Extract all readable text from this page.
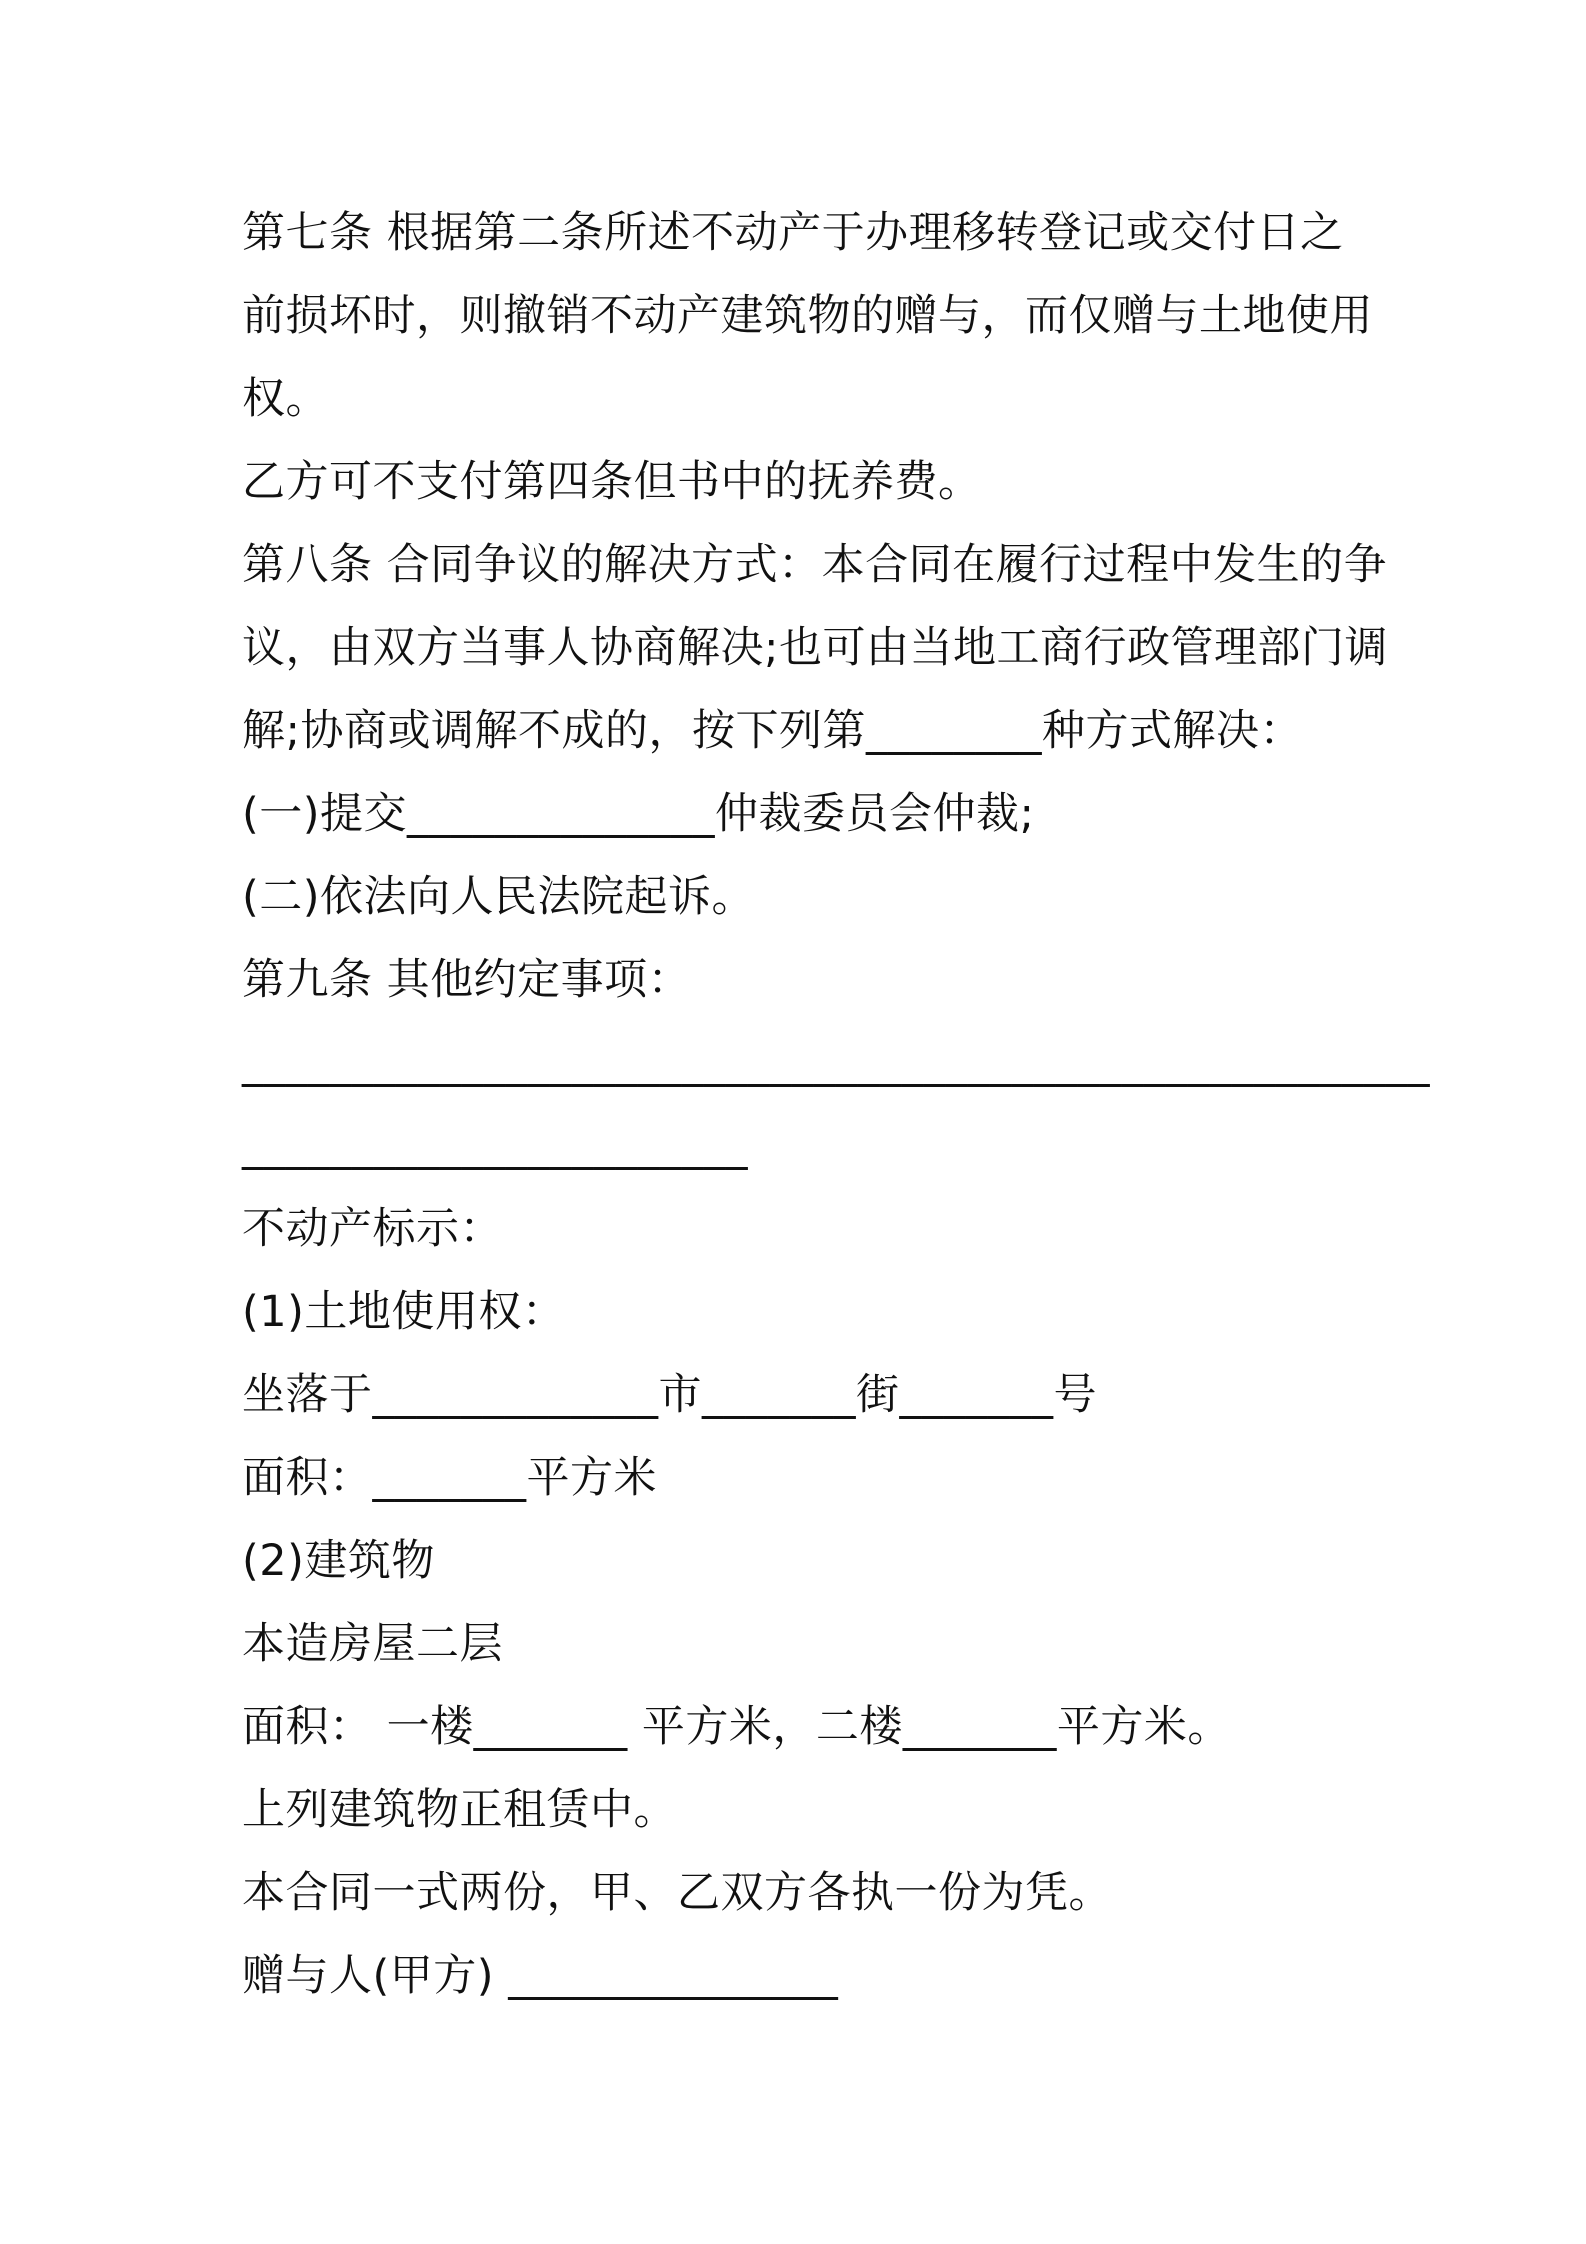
第七条 根据第二条所述不动产于办理移转登记或交付日之
前损坏时，则撤销不动产建筑物的赠与，而仅赠与土地使用
权。
乙方可不支付第四条但书中的抚养费。
第八条 合同争议的解决方式：本合同在履行过程中发生的争
议，由双方当事人协商解决;也可由当地工商行政管理部门调
解;协商或调解不成的，按下列第________种方式解决：
(一)提交______________仲裁委员会仲裁;
(二)依法向人民法院起诉。
第九条 其他约定事项：
______________________________________________________
_______________________
不动产标示：
(1)土地使用权：
坐落于_____________市_______街_______号
面积：_______平方米
(2)建筑物
本造房屋二层
面积： 一楼_______ 平方米，二楼_______平方米。
上列建筑物正租赁中。
本合同一式两份，甲、乙双方各执一份为凭。
赠与人(甲方) _______________
